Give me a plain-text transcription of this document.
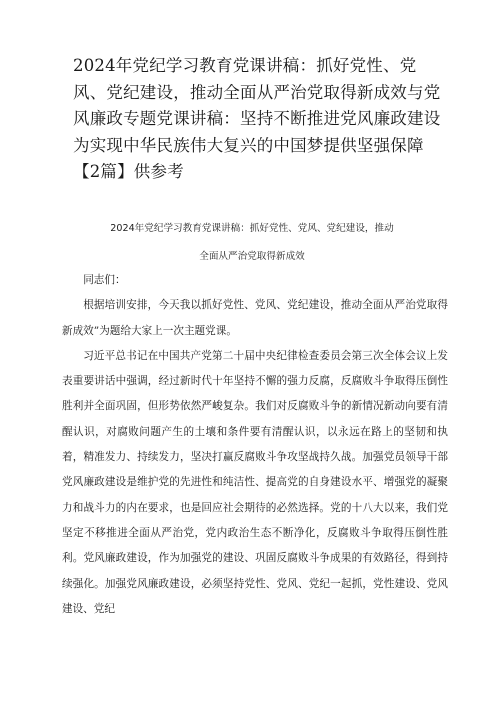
2024年党纪学习教育党课讲稿：抓好党性、党风、党纪建设，推动全面从严治党取得新成效与党风廉政专题党课讲稿：坚持不断推进党风廉政建设为实现中华民族伟大复兴的中国梦提供坚强保障【2篇】供参考
2024年党纪学习教育党课讲稿：抓好党性、党风、党纪建设，推动
全面从严治党取得新成效

同志们：

根据培训安排，今天我以抓好党性、党风、党纪建设，推动全面从严治党取得新成效”为题给大家上一次主题党课。

习近平总书记在中国共产党第二十届中央纪律检查委员会第三次全体会议上发表重要讲话中强调，经过新时代十年坚持不懈的强力反腐，反腐败斗争取得压倒性胜利并全面巩固，但形势依然严峻复杂。我们对反腐败斗争的新情况新动向要有清醒认识，对腐败问题产生的土壤和条件要有清醒认识，以永远在路上的坚韧和执着，精准发力、持续发力，坚决打赢反腐败斗争攻坚战持久战。加强党员领导干部党风廉政建设是维护党的先进性和纯洁性、提高党的自身建设水平、增强党的凝聚力和战斗力的内在要求，也是回应社会期待的必然选择。党的十八大以来，我们党坚定不移推进全面从严治党，党内政治生态不断净化，反腐败斗争取得压倒性胜利。党风廉政建设，作为加强党的建设、巩固反腐败斗争成果的有效路径，得到持续强化。加强党风廉政建设，必须坚持党性、党风、党纪一起抓，党性建设、党风建设、党纪
